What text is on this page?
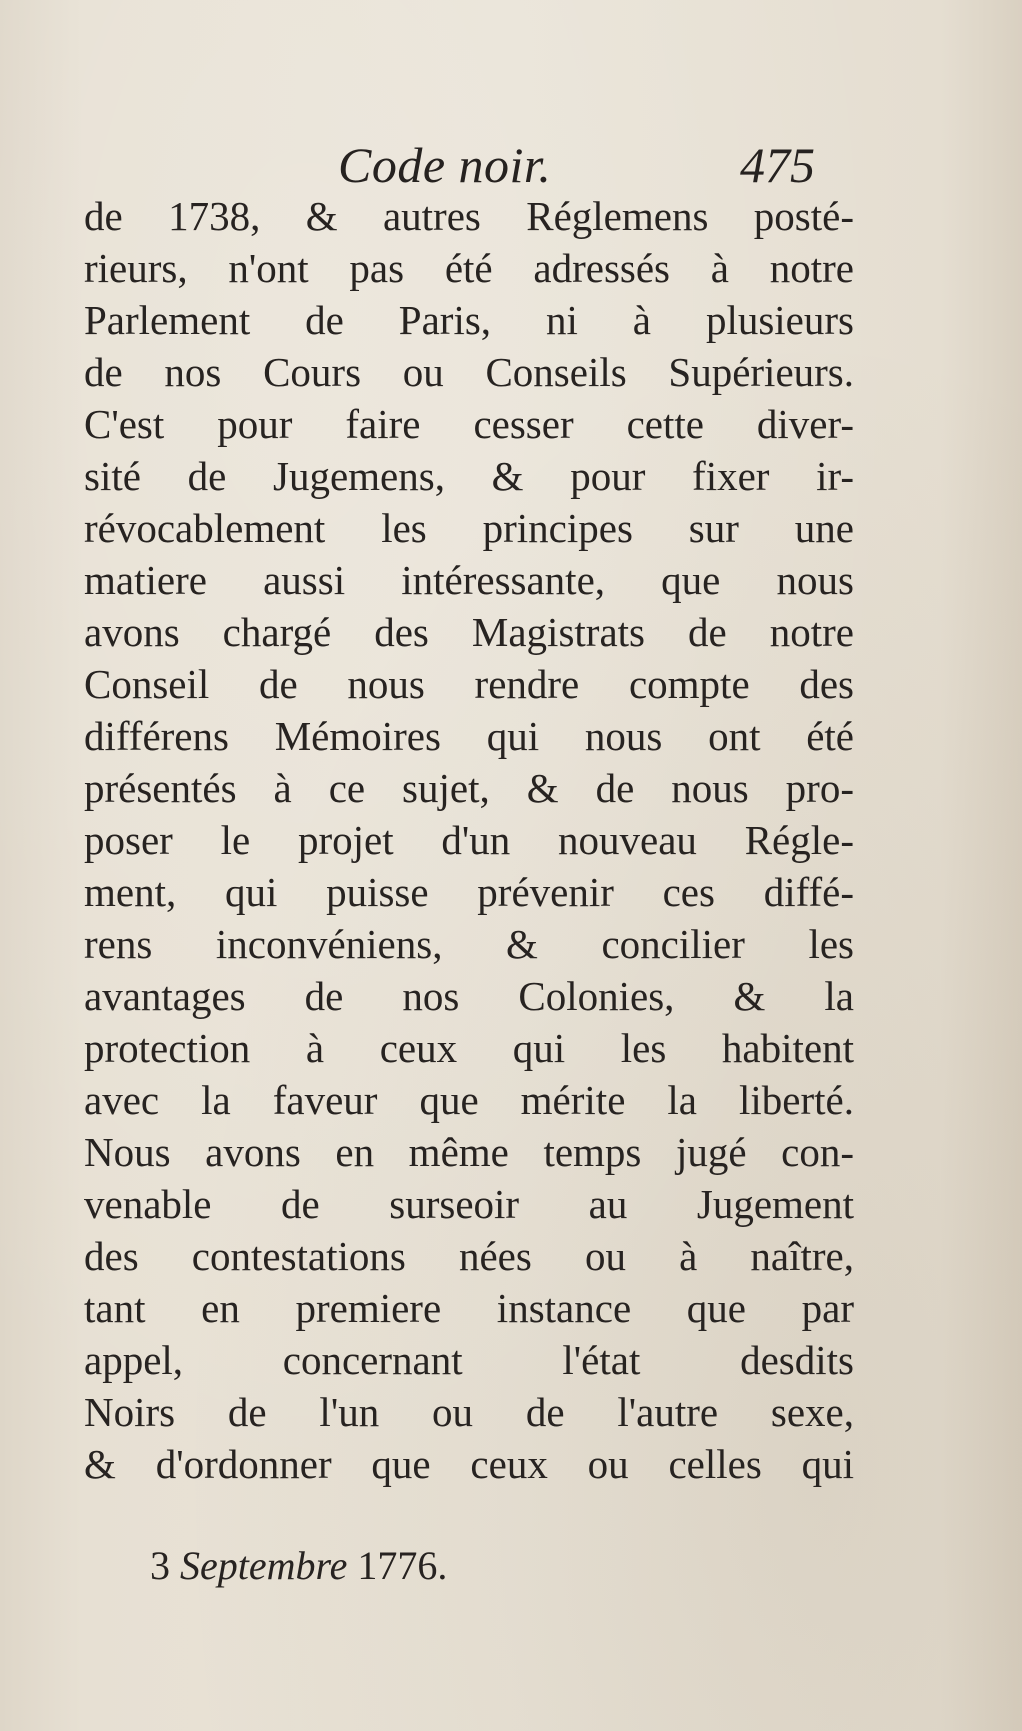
Code noir.	475
de 1738, & autres Réglemens posté-
rieurs, n'ont pas été adressés à notre
Parlement de Paris, ni à plusieurs
de nos Cours ou Conseils Supérieurs.
C'est pour faire cesser cette diver-
sité de Jugemens, & pour fixer ir-
révocablement les principes sur une
matiere aussi intéressante, que nous
avons chargé des Magistrats de notre
Conseil de nous rendre compte des
différens Mémoires qui nous ont été
présentés à ce sujet, & de nous pro-
poser le projet d'un nouveau Régle-
ment, qui puisse prévenir ces diffé-
rens inconvéniens, & concilier les
avantages de nos Colonies, & la
protection à ceux qui les habitent
avec la faveur que mérite la liberté.
Nous avons en même temps jugé con-
venable de surseoir au Jugement
des contestations nées ou à naître,
tant en premiere instance que par
appel, concernant l'état desdits
Noirs de l'un ou de l'autre sexe,
& d'ordonner que ceux ou celles qui
3 Septembre 1776.
